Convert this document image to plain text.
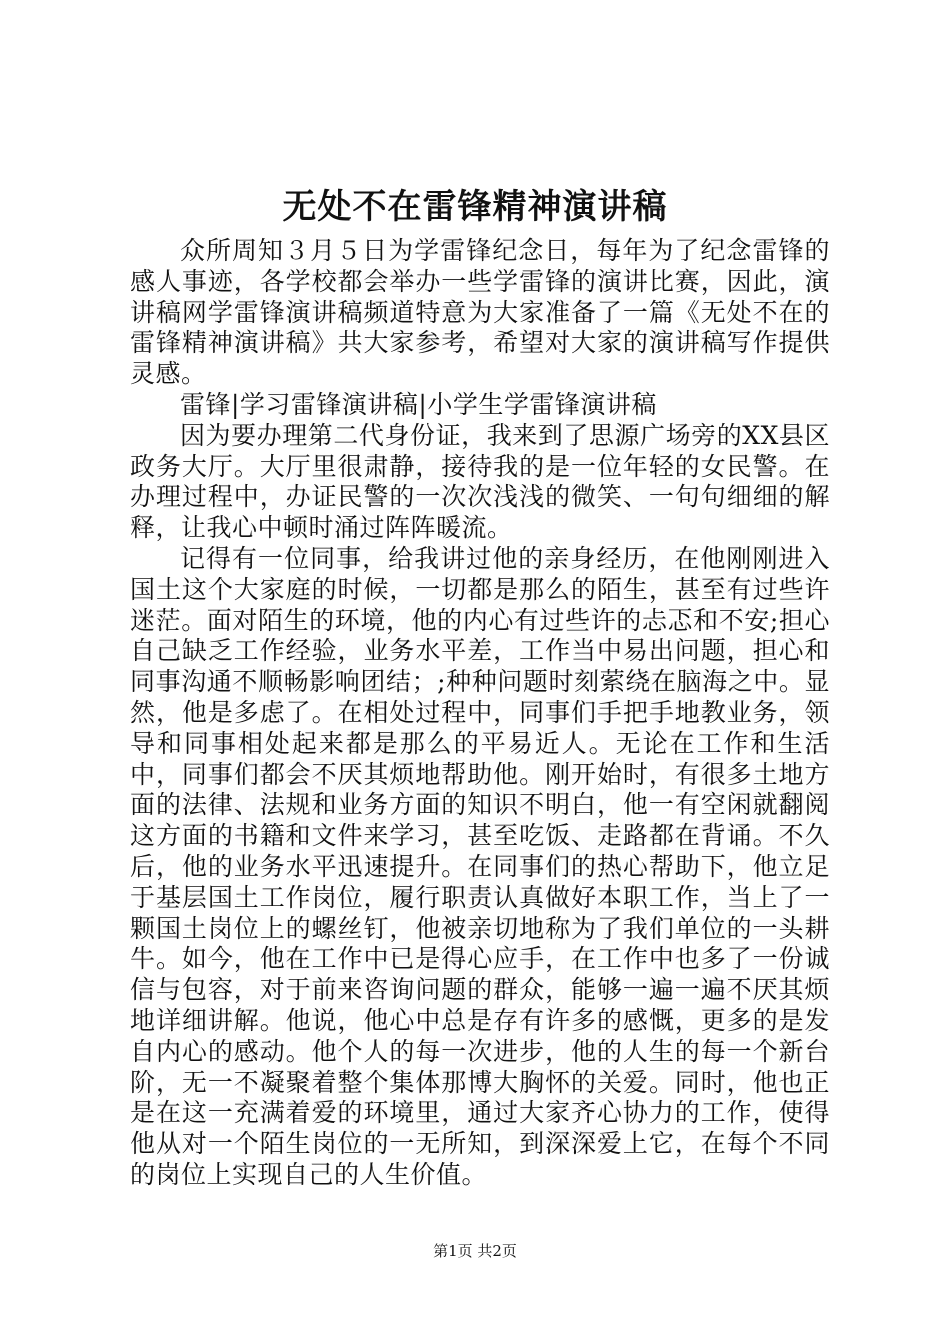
无处不在雷锋精神演讲稿

众所周知３月５日为学雷锋纪念日，每年为了纪念雷锋的感人事迹，各学校都会举办一些学雷锋的演讲比赛，因此，演讲稿网学雷锋演讲稿频道特意为大家准备了一篇《无处不在的雷锋精神演讲稿》共大家参考，希望对大家的演讲稿写作提供灵感。

雷锋|学习雷锋演讲稿|小学生学雷锋演讲稿

因为要办理第二代身份证，我来到了思源广场旁的XX县区政务大厅。大厅里很肃静，接待我的是一位年轻的女民警。在办理过程中，办证民警的一次次浅浅的微笑、一句句细细的解释，让我心中顿时涌过阵阵暖流。

记得有一位同事，给我讲过他的亲身经历，在他刚刚进入国土这个大家庭的时候，一切都是那么的陌生，甚至有过些许迷茫。面对陌生的环境，他的内心有过些许的忐忑和不安;担心自己缺乏工作经验，业务水平差，工作当中易出问题，担心和同事沟通不顺畅影响团结；;种种问题时刻萦绕在脑海之中。显然，他是多虑了。在相处过程中，同事们手把手地教业务，领导和同事相处起来都是那么的平易近人。无论在工作和生活中，同事们都会不厌其烦地帮助他。刚开始时，有很多土地方面的法律、法规和业务方面的知识不明白，他一有空闲就翻阅这方面的书籍和文件来学习，甚至吃饭、走路都在背诵。不久后，他的业务水平迅速提升。在同事们的热心帮助下，他立足于基层国土工作岗位，履行职责认真做好本职工作，当上了一颗国土岗位上的螺丝钉，他被亲切地称为了我们单位的一头耕牛。如今，他在工作中已是得心应手，在工作中也多了一份诚信与包容，对于前来咨询问题的群众，能够一遍一遍不厌其烦地详细讲解。他说，他心中总是存有许多的感慨，更多的是发自内心的感动。他个人的每一次进步，他的人生的每一个新台阶，无一不凝聚着整个集体那博大胸怀的关爱。同时，他也正是在这一充满着爱的环境里，通过大家齐心协力的工作，使得他从对一个陌生岗位的一无所知，到深深爱上它，在每个不同的岗位上实现自己的人生价值。

第1页 共2页
